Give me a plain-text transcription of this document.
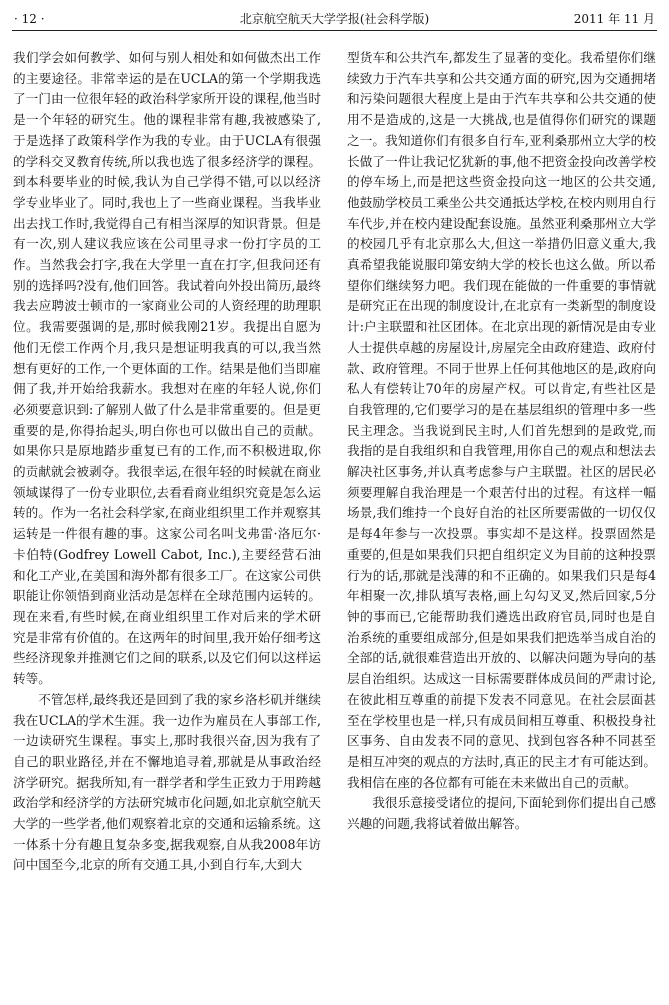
· 12 ·	北京航空航天大学学报(社会科学版)	2011 年 11 月

我们学会如何教学、如何与别人相处和如何做杰出工作的主要途径。非常幸运的是在UCLA的第一个学期我选了一门由一位很年轻的政治科学家所开设的课程,他当时是一个年轻的研究生。他的课程非常有趣,我被感染了,于是选择了政策科学作为我的专业。由于UCLA有很强的学科交叉教育传统,所以我也选了很多经济学的课程。到本科要毕业的时候,我认为自己学得不错,可以以经济学专业毕业了。同时,我也上了一些商业课程。当我毕业出去找工作时,我觉得自己有相当深厚的知识背景。但是有一次,别人建议我应该在公司里寻求一份打字员的工作。当然我会打字,我在大学里一直在打字,但我问还有别的选择吗?没有,他们回答。我试着向外投出简历,最终我去应聘波士顿市的一家商业公司的人资经理的助理职位。我需要强调的是,那时候我刚21岁。我提出自愿为他们无偿工作两个月,我只是想证明我真的可以,我当然想有更好的工作,一个更体面的工作。结果是他们当即雇佣了我,并开始给我薪水。我想对在座的年轻人说,你们必须要意识到:了解别人做了什么是非常重要的。但是更重要的是,你得抬起头,明白你也可以做出自己的贡献。如果你只是原地踏步重复已有的工作,而不积极进取,你的贡献就会被剥夺。我很幸运,在很年轻的时候就在商业领域谋得了一份专业职位,去看看商业组织究竟是怎么运转的。作为一名社会科学家,在商业组织里工作并观察其运转是一件很有趣的事。这家公司名叫戈弗雷·洛厄尔·卡伯特(Godfrey Lowell Cabot, Inc.),主要经营石油和化工产业,在美国和海外都有很多工厂。在这家公司供职能让你领悟到商业活动是怎样在全球范围内运转的。现在来看,有些时候,在商业组织里工作对后来的学术研究是非常有价值的。在这两年的时间里,我开始仔细考这些经济现象并推测它们之间的联系,以及它们何以这样运转等。

不管怎样,最终我还是回到了我的家乡洛杉矶并继续我在UCLA的学术生涯。我一边作为雇员在人事部工作,一边读研究生课程。事实上,那时我很兴奋,因为我有了自己的职业路径,并在不懈地追寻着,那就是从事政治经济学研究。据我所知,有一群学者和学生正致力于用跨越政治学和经济学的方法研究城市化问题,如北京航空航天大学的一些学者,他们观察着北京的交通和运输系统。这一体系十分有趣且复杂多变,据我观察,自从我2008年访问中国至今,北京的所有交通工具,小到自行车,大到大

型货车和公共汽车,都发生了显著的变化。我希望你们继续致力于汽车共享和公共交通方面的研究,因为交通拥堵和污染问题很大程度上是由于汽车共享和公共交通的使用不是造成的,这是一大挑战,也是值得你们研究的课题之一。我知道你们有很多自行车,亚利桑那州立大学的校长做了一件让我记忆犹新的事,他不把资金投向改善学校的停车场上,而是把这些资金投向这一地区的公共交通,他鼓励学校员工乘坐公共交通抵达学校,在校内则用自行车代步,并在校内建设配套设施。虽然亚利桑那州立大学的校园几乎有北京那么大,但这一举措仍旧意义重大,我真希望我能说服印第安纳大学的校长也这么做。所以希望你们继续努力吧。我们现在能做的一件重要的事情就是研究正在出现的制度设计,在北京有一类新型的制度设计:户主联盟和社区团体。在北京出现的新情况是由专业人士提供卓越的房屋设计,房屋完全由政府建造、政府付款、政府管理。不同于世界上任何其他地区的是,政府向私人有偿转让70年的房屋产权。可以肯定,有些社区是自我管理的,它们要学习的是在基层组织的管理中多一些民主理念。当我说到民主时,人们首先想到的是政党,而我指的是自我组织和自我管理,用你自己的观点和想法去解决社区事务,并认真考虑参与户主联盟。社区的居民必须要理解自我治理是一个艰苦付出的过程。有这样一幅场景,我们维持一个良好自治的社区所要需做的一切仅仅是每4年参与一次投票。事实却不是这样。投票固然是重要的,但是如果我们只把自组织定义为目前的这种投票行为的话,那就是浅薄的和不正确的。如果我们只是每4年相聚一次,排队填写表格,画上勾勾叉叉,然后回家,5分钟的事而已,它能帮助我们遴选出政府官员,同时也是自治系统的重要组成部分,但是如果我们把选举当成自治的全部的话,就很难营造出开放的、以解决问题为导向的基层自治组织。达成这一目标需要群体成员间的严肃讨论,在彼此相互尊重的前提下发表不同意见。在社会层面甚至在学校里也是一样,只有成员间相互尊重、积极投身社区事务、自由发表不同的意见、找到包容各种不同甚至是相互冲突的观点的方法时,真正的民主才有可能达到。我相信在座的各位都有可能在未来做出自己的贡献。

我很乐意接受诸位的提问,下面轮到你们提出自己感兴趣的问题,我将试着做出解答。
